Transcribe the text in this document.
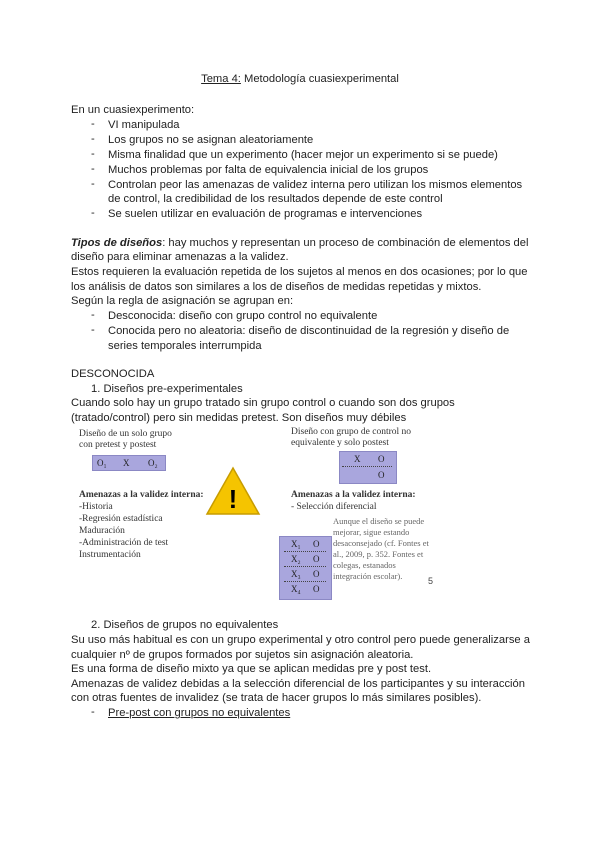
Tema 4: Metodología cuasiexperimental
En un cuasiexperimento:
- VI manipulada
- Los grupos no se asignan aleatoriamente
- Misma finalidad que un experimento (hacer mejor un experimento si se puede)
- Muchos problemas por falta de equivalencia inicial de los grupos
- Controlan peor las amenazas de validez interna pero utilizan los mismos elementos
de control, la credibilidad de los resultados depende de este control
- Se suelen utilizar en evaluación de programas e intervenciones
Tipos de diseños: hay muchos y representan un proceso de combinación de elementos del
diseño para eliminar amenazas a la validez.
Estos requieren la evaluación repetida de los sujetos al menos en dos ocasiones; por lo que
los análisis de datos son similares a los de diseños de medidas repetidas y mixtos.
Según la regla de asignación se agrupan en:
- Desconocida: diseño con grupo control no equivalente
- Conocida pero no aleatoria: diseño de discontinuidad de la regresión y diseño de
series temporales interrumpida
DESCONOCIDA
1. Diseños pre-experimentales
Cuando solo hay un grupo tratado sin grupo control o cuando son dos grupos
(tratado/control) pero sin medidas pretest. Son diseños muy débiles
Diseño de un solo grupo
con pretest y postest
O₁ X O₂
Amenazas a la validez interna:
-Historia
-Regresión estadística
Maduración
-Administración de test
Instrumentación
!
Diseño con grupo de control no
equivalente y solo postest
X O
O
Amenazas a la validez interna:
- Selección diferencial
Aunque el diseño se puede
mejorar, sigue estando
desaconsejado (cf. Fontes et
al., 2009, p. 352. Fontes et
colegas, estanados
integración escolar).	5
X₁ O
X₂ O
X₃ O
X₄ O
2. Diseños de grupos no equivalentes
Su uso más habitual es con un grupo experimental y otro control pero puede generalizarse a
cualquier nº de grupos formados por sujetos sin asignación aleatoria.
Es una forma de diseño mixto ya que se aplican medidas pre y post test.
Amenazas de validez debidas a la selección diferencial de los participantes y su interacción
con otras fuentes de invalidez (se trata de hacer grupos lo más similares posibles).
- Pre-post con grupos no equivalentes
